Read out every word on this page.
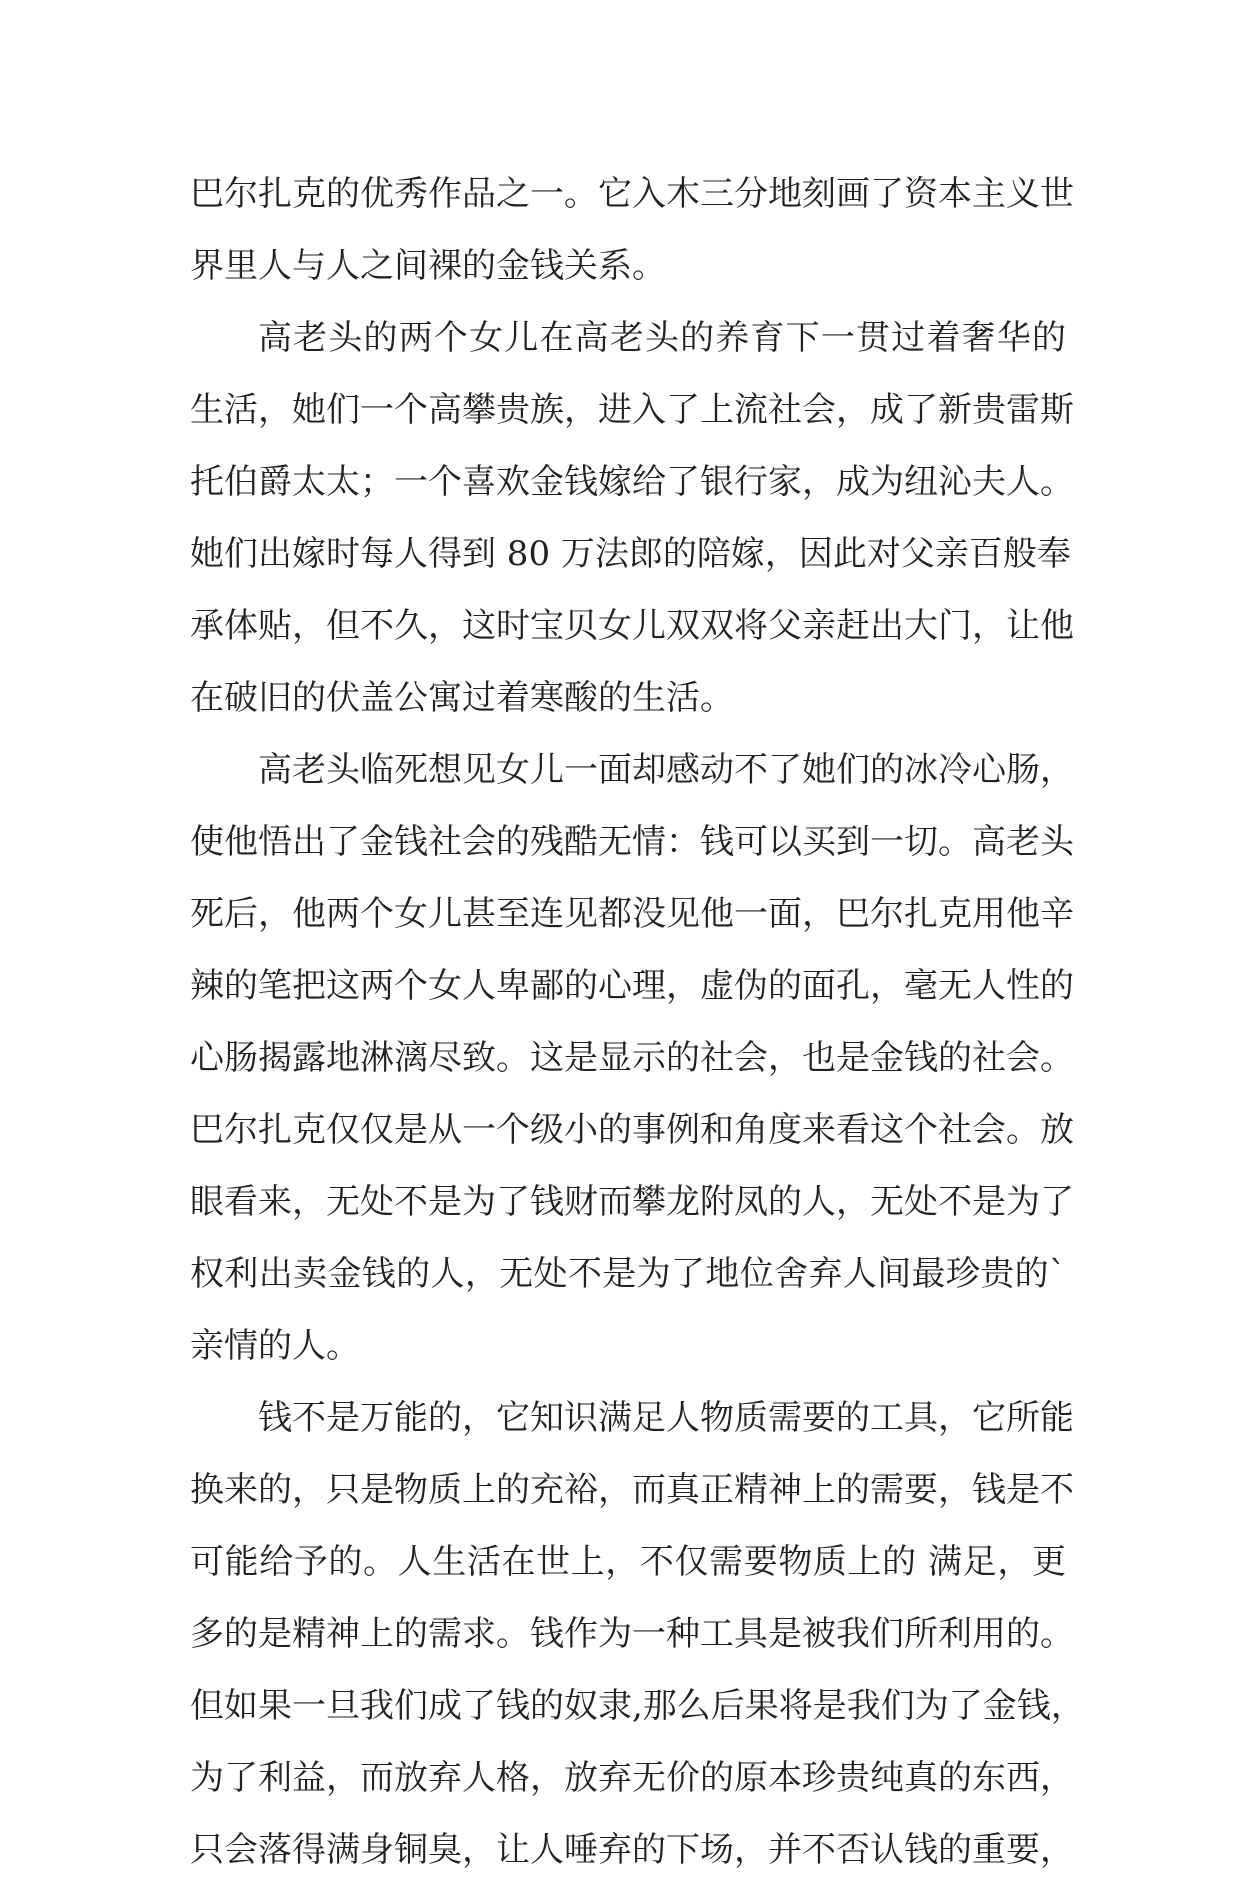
巴尔扎克的优秀作品之一。它入木三分地刻画了资本主义世
界里人与人之间裸的金钱关系。
高老头的两个女儿在高老头的养育下一贯过着奢华的
生活，她们一个高攀贵族，进入了上流社会，成了新贵雷斯
托伯爵太太；一个喜欢金钱嫁给了银行家，成为纽沁夫人。
她们出嫁时每人得到 80 万法郎的陪嫁，因此对父亲百般奉
承体贴，但不久，这时宝贝女儿双双将父亲赶出大门，让他
在破旧的伏盖公寓过着寒酸的生活。
高老头临死想见女儿一面却感动不了她们的冰冷心肠，
使他悟出了金钱社会的残酷无情：钱可以买到一切。高老头
死后，他两个女儿甚至连见都没见他一面，巴尔扎克用他辛
辣的笔把这两个女人卑鄙的心理，虚伪的面孔，毫无人性的
心肠揭露地淋漓尽致。这是显示的社会，也是金钱的社会。
巴尔扎克仅仅是从一个级小的事例和角度来看这个社会。放
眼看来，无处不是为了钱财而攀龙附凤的人，无处不是为了
权利出卖金钱的人，无处不是为了地位舍弃人间最珍贵的`
亲情的人。
钱不是万能的，它知识满足人物质需要的工具，它所能
换来的，只是物质上的充裕，而真正精神上的需要，钱是不
可能给予的。人生活在世上，不仅需要物质上的 满足，更
多的是精神上的需求。钱作为一种工具是被我们所利用的。
但如果一旦我们成了钱的奴隶,那么后果将是我们为了金钱，
为了利益，而放弃人格，放弃无价的原本珍贵纯真的东西，
只会落得满身铜臭，让人唾弃的下场，并不否认钱的重要，
